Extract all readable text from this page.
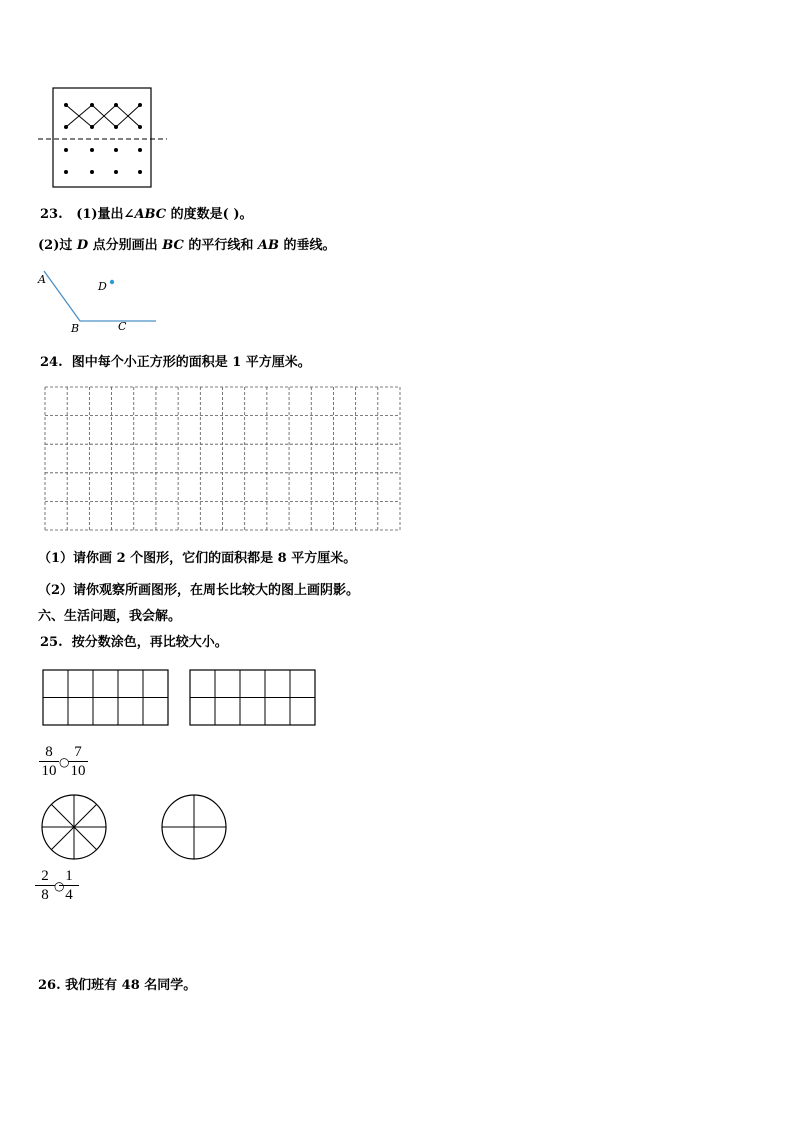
23. (1)量出∠ABC 的度数是( )。
(2)过 D 点分别画出 BC 的平行线和 AB 的垂线。
A
D
B	C
24. 图中每个小正方形的面积是 1 平方厘米。
（1）请你画 2 个图形，它们的面积都是 8 平方厘米。
（2）请你观察所画图形，在周长比较大的图上画阴影。
六、生活问题，我会解。
25. 按分数涂色，再比较大小。
8
10
○
7
10
2
8
○
1
4
26. 我们班有 48 名同学。
